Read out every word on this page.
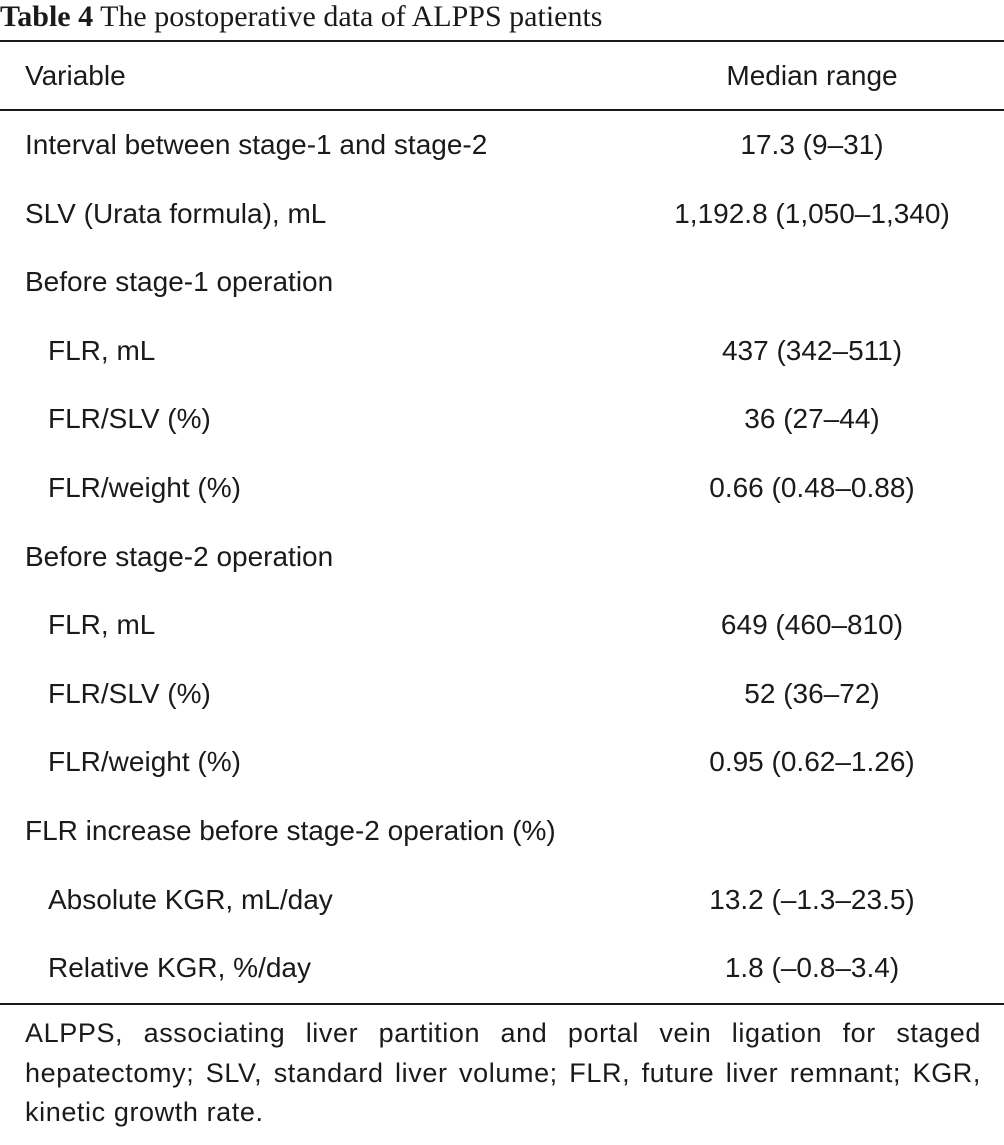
Table 4 The postoperative data of ALPPS patients
Variable	Median range
Interval between stage-1 and stage-2	17.3 (9–31)
SLV (Urata formula), mL	1,192.8 (1,050–1,340)
Before stage-1 operation
FLR, mL	437 (342–511)
FLR/SLV (%)	36 (27–44)
FLR/weight (%)	0.66 (0.48–0.88)
Before stage-2 operation
FLR, mL	649 (460–810)
FLR/SLV (%)	52 (36–72)
FLR/weight (%)	0.95 (0.62–1.26)
FLR increase before stage-2 operation (%)
Absolute KGR, mL/day	13.2 (–1.3–23.5)
Relative KGR, %/day	1.8 (–0.8–3.4)
ALPPS, associating liver partition and portal vein ligation for staged hepatectomy; SLV, standard liver volume; FLR, future liver remnant; KGR, kinetic growth rate.
